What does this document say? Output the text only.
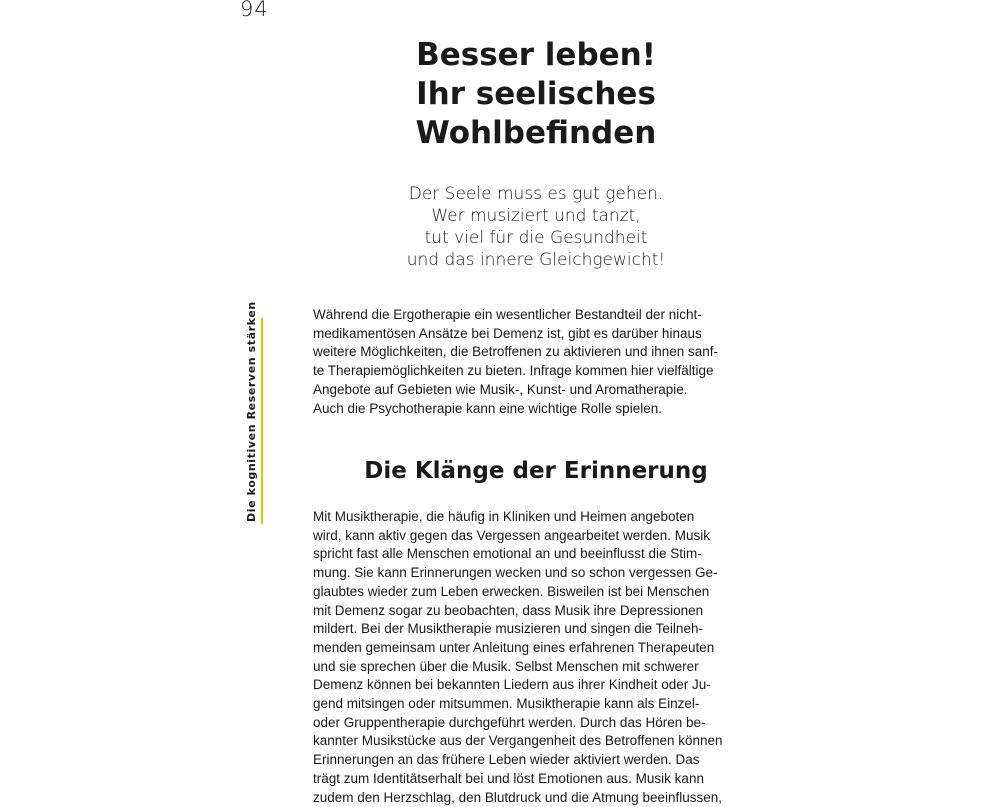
94
Besser leben!
Ihr seelisches
Wohlbefinden
Der Seele muss es gut gehen.
Wer musiziert und tanzt,
tut viel für die Gesundheit
und das innere Gleichgewicht!
Die kognitiven Reserven stärken	Während die Ergotherapie ein wesentlicher Bestandteil der nicht-
medikamentösen Ansätze bei Demenz ist, gibt es darüber hinaus
weitere Möglichkeiten, die Betroffenen zu aktivieren und ihnen sanf-
te Therapiemöglichkeiten zu bieten. Infrage kommen hier vielfältige
Angebote auf Gebieten wie Musik-, Kunst- und Aromatherapie.
Auch die Psychotherapie kann eine wichtige Rolle spielen.
Die Klänge der Erinnerung
Mit Musiktherapie, die häufig in Kliniken und Heimen angeboten
wird, kann aktiv gegen das Vergessen angearbeitet werden. Musik
spricht fast alle Menschen emotional an und beeinflusst die Stim-
mung. Sie kann Erinnerungen wecken und so schon vergessen Ge-
glaubtes wieder zum Leben erwecken. Bisweilen ist bei Menschen
mit Demenz sogar zu beobachten, dass Musik ihre Depressionen
mildert. Bei der Musiktherapie musizieren und singen die Teilneh-
menden gemeinsam unter Anleitung eines erfahrenen Therapeuten
und sie sprechen über die Musik. Selbst Menschen mit schwerer
Demenz können bei bekannten Liedern aus ihrer Kindheit oder Ju-
gend mitsingen oder mitsummen. Musiktherapie kann als Einzel-
oder Gruppentherapie durchgeführt werden. Durch das Hören be-
kannter Musikstücke aus der Vergangenheit des Betroffenen können
Erinnerungen an das frühere Leben wieder aktiviert werden. Das
trägt zum Identitätserhalt bei und löst Emotionen aus. Musik kann
zudem den Herzschlag, den Blutdruck und die Atmung beeinflussen,
